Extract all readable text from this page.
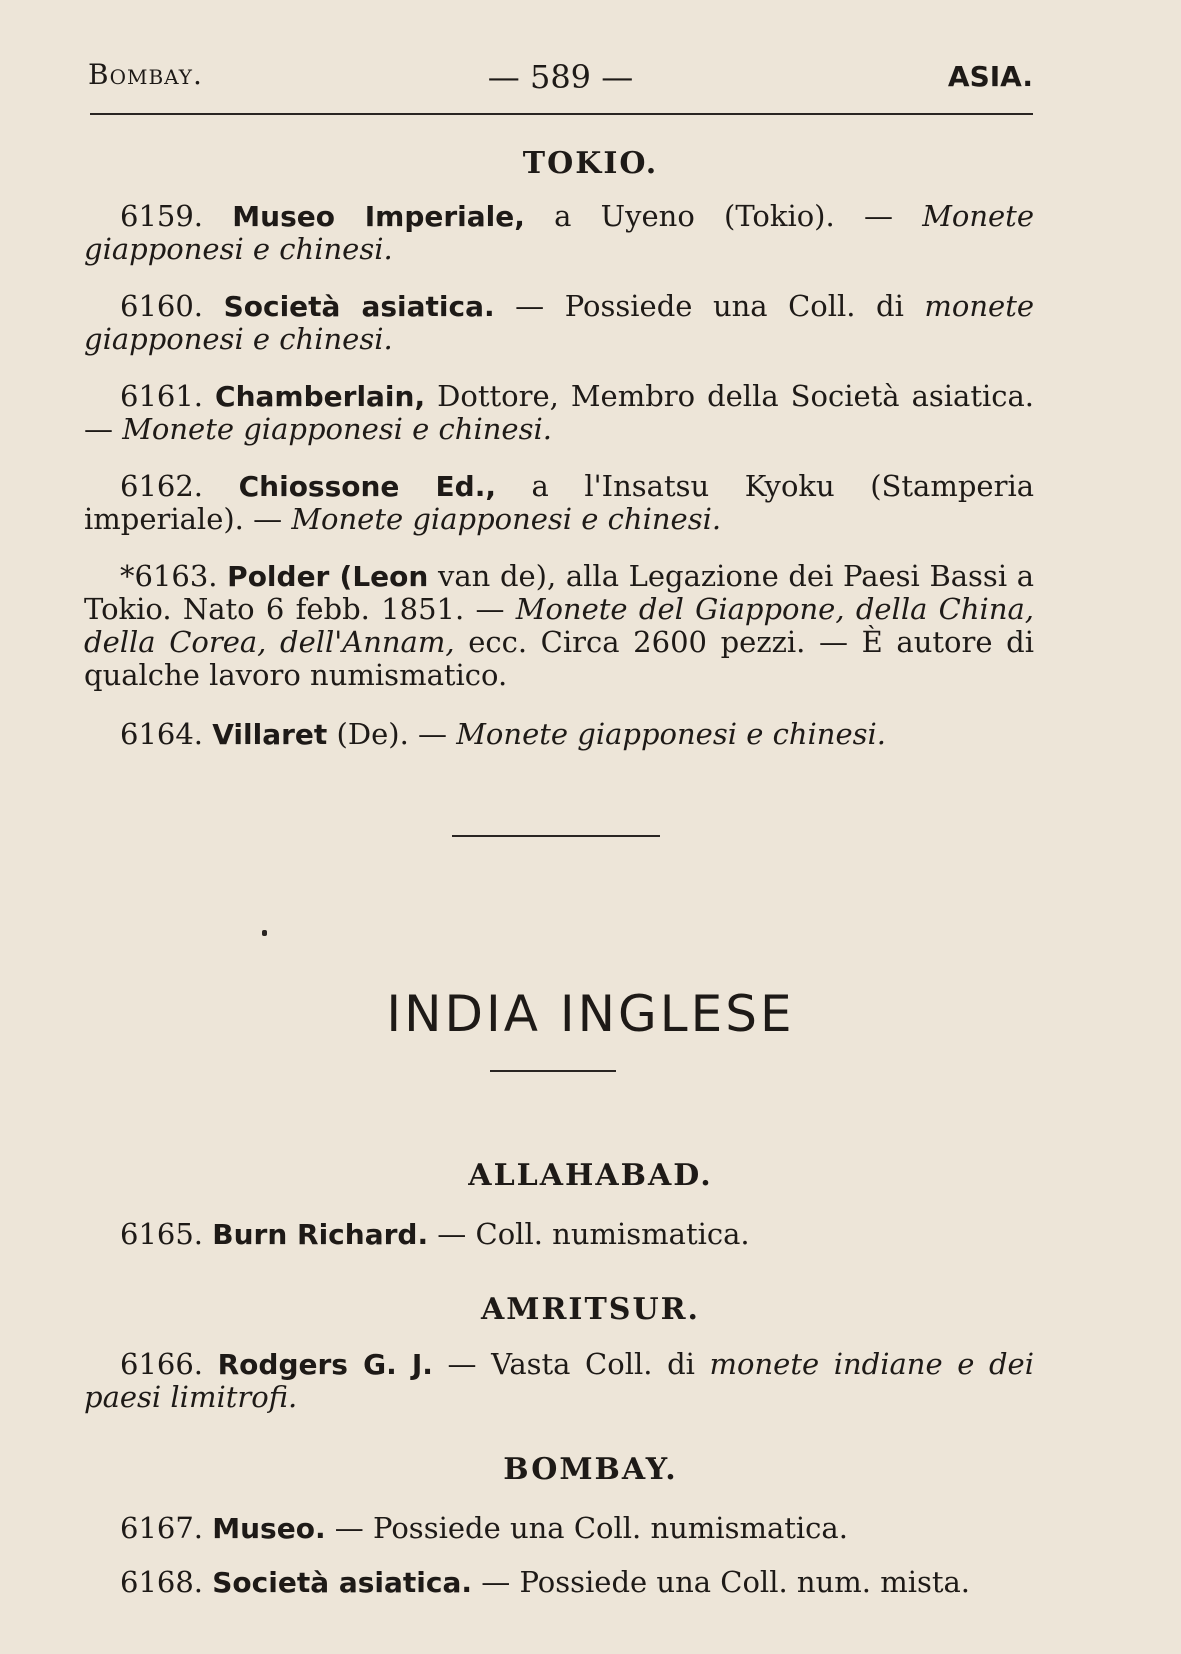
Bombay.	— 589 —	ASIA.
TOKIO.

6159. Museo Imperiale, a Uyeno (Tokio). — Monete giapponesi e chinesi.

6160. Società asiatica. — Possiede una Coll. di monete giapponesi e chinesi.

6161. Chamberlain, Dottore, Membro della Società asiatica. — Monete giapponesi e chinesi.

6162. Chiossone Ed., a l'Insatsu Kyoku (Stamperia imperiale). — Monete giapponesi e chinesi.

*6163. Polder (Leon van de), alla Legazione dei Paesi Bassi a Tokio. Nato 6 febb. 1851. — Monete del Giappone, della China, della Corea, dell'Annam, ecc. Circa 2600 pezzi. — È autore di qualche lavoro numismatico.

6164. Villaret (De). — Monete giapponesi e chinesi.

INDIA INGLESE
ALLAHABAD.

6165. Burn Richard. — Coll. numismatica.

AMRITSUR.

6166. Rodgers G. J. — Vasta Coll. di monete indiane e dei paesi limitrofi.

BOMBAY.

6167. Museo. — Possiede una Coll. numismatica.

6168. Società asiatica. — Possiede una Coll. num. mista.
